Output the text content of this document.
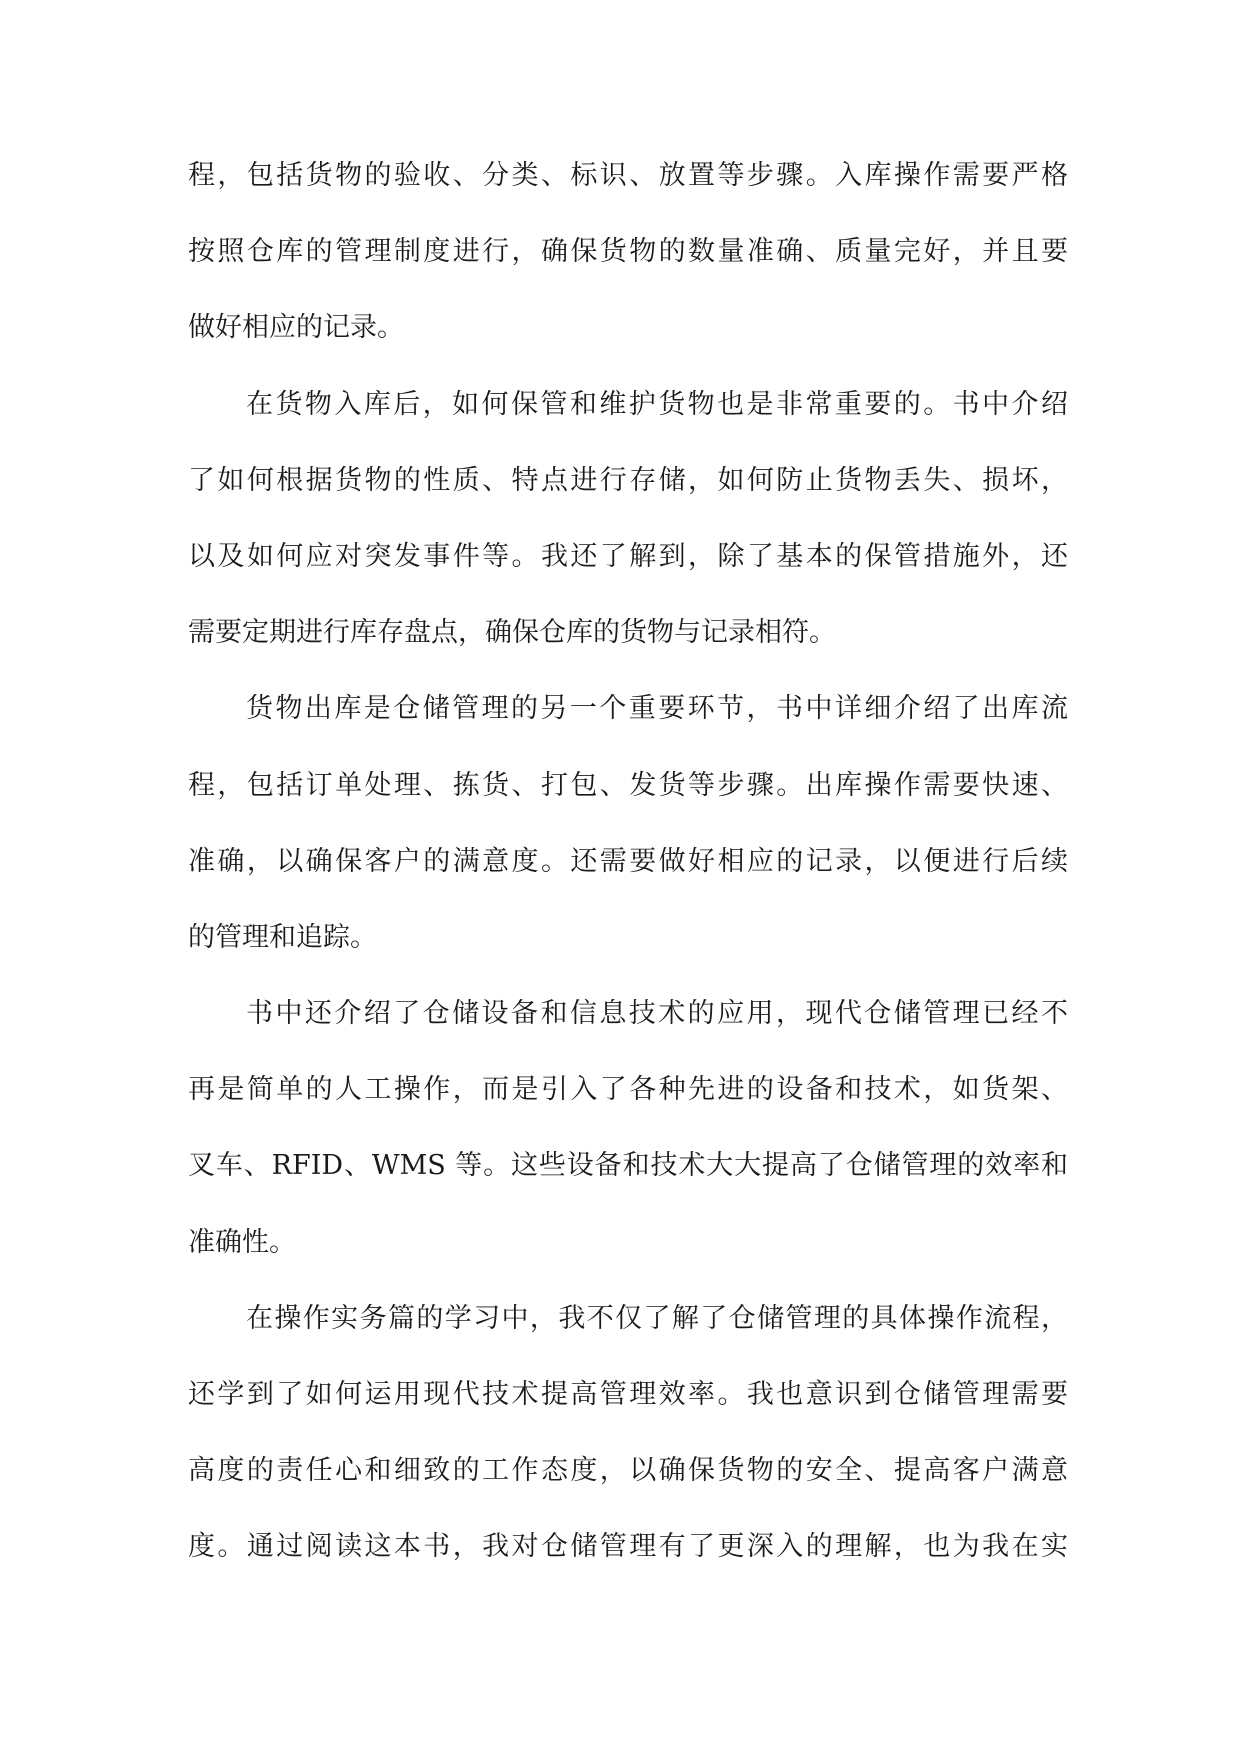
程，包括货物的验收、分类、标识、放置等步骤。入库操作需要严格
按照仓库的管理制度进行，确保货物的数量准确、质量完好，并且要
做好相应的记录。
在货物入库后，如何保管和维护货物也是非常重要的。书中介绍
了如何根据货物的性质、特点进行存储，如何防止货物丢失、损坏，
以及如何应对突发事件等。我还了解到，除了基本的保管措施外，还
需要定期进行库存盘点，确保仓库的货物与记录相符。
货物出库是仓储管理的另一个重要环节，书中详细介绍了出库流
程，包括订单处理、拣货、打包、发货等步骤。出库操作需要快速、
准确，以确保客户的满意度。还需要做好相应的记录，以便进行后续
的管理和追踪。
书中还介绍了仓储设备和信息技术的应用，现代仓储管理已经不
再是简单的人工操作，而是引入了各种先进的设备和技术，如货架、
叉车、RFID、WMS 等。这些设备和技术大大提高了仓储管理的效率和
准确性。
在操作实务篇的学习中，我不仅了解了仓储管理的具体操作流程，
还学到了如何运用现代技术提高管理效率。我也意识到仓储管理需要
高度的责任心和细致的工作态度，以确保货物的安全、提高客户满意
度。通过阅读这本书，我对仓储管理有了更深入的理解，也为我在实
